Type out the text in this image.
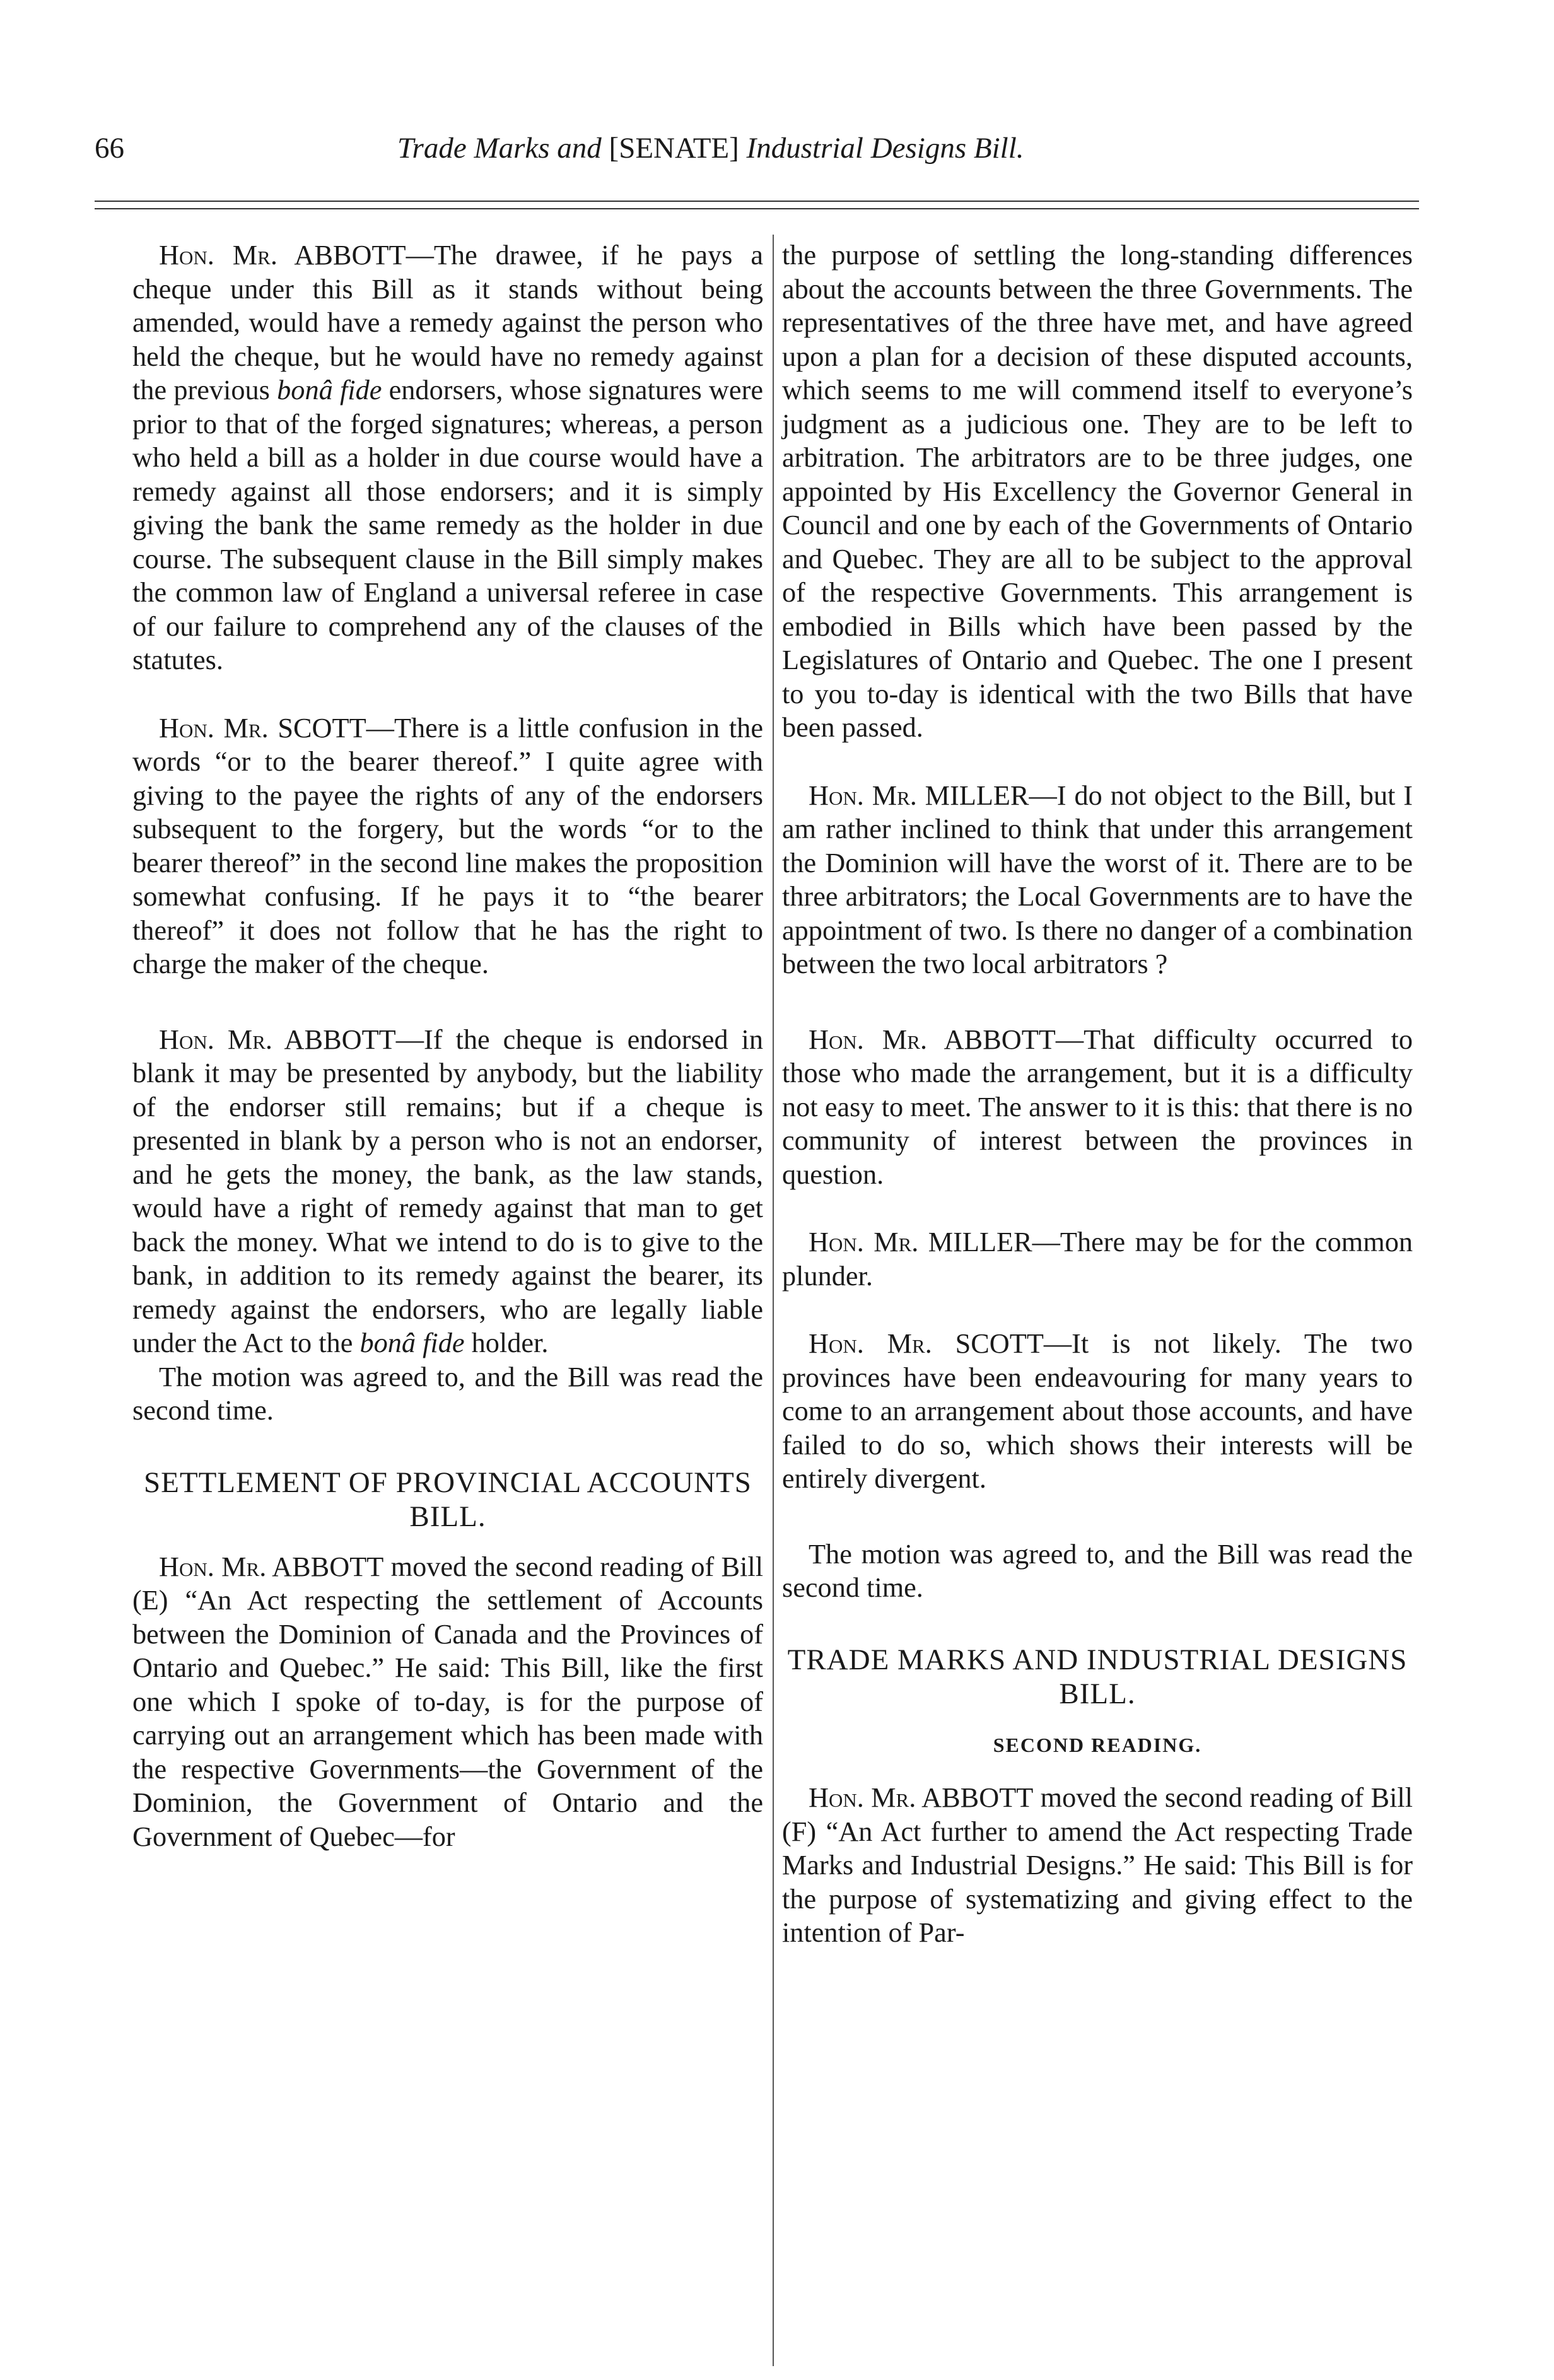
66	Trade Marks and [SENATE] Industrial Designs Bill.

Hon. Mr. ABBOTT—The drawee, if he pays a cheque under this Bill as it stands without being amended, would have a remedy against the person who held the cheque, but he would have no remedy against the previous bonâ fide endorsers, whose signatures were prior to that of the forged signatures; whereas, a person who held a bill as a holder in due course would have a remedy against all those endorsers; and it is simply giving the bank the same remedy as the holder in due course. The subsequent clause in the Bill simply makes the common law of England a universal referee in case of our failure to comprehend any of the clauses of the statutes.

Hon. Mr. SCOTT—There is a little confusion in the words “or to the bearer thereof.” I quite agree with giving to the payee the rights of any of the endorsers subsequent to the forgery, but the words “or to the bearer thereof” in the second line makes the proposition somewhat confusing. If he pays it to “the bearer thereof” it does not follow that he has the right to charge the maker of the cheque.

Hon. Mr. ABBOTT—If the cheque is endorsed in blank it may be presented by anybody, but the liability of the endorser still remains; but if a cheque is presented in blank by a person who is not an endorser, and he gets the money, the bank, as the law stands, would have a right of remedy against that man to get back the money. What we intend to do is to give to the bank, in addition to its remedy against the bearer, its remedy against the endorsers, who are legally liable under the Act to the bonâ fide holder.

The motion was agreed to, and the Bill was read the second time.

SETTLEMENT OF PROVINCIAL ACCOUNTS BILL.

Hon. Mr. ABBOTT moved the second reading of Bill (E) “An Act respecting the settlement of Accounts between the Dominion of Canada and the Provinces of Ontario and Quebec.” He said: This Bill, like the first one which I spoke of to-day, is for the purpose of carrying out an arrangement which has been made with the respective Governments—the Government of the Dominion, the Government of Ontario and the Government of Quebec—for

the purpose of settling the long-standing differences about the accounts between the three Governments. The representatives of the three have met, and have agreed upon a plan for a decision of these disputed accounts, which seems to me will commend itself to everyone’s judgment as a judicious one. They are to be left to arbitration. The arbitrators are to be three judges, one appointed by His Excellency the Governor General in Council and one by each of the Governments of Ontario and Quebec. They are all to be subject to the approval of the respective Governments. This arrangement is embodied in Bills which have been passed by the Legislatures of Ontario and Quebec. The one I present to you to-day is identical with the two Bills that have been passed.

Hon. Mr. MILLER—I do not object to the Bill, but I am rather inclined to think that under this arrangement the Dominion will have the worst of it. There are to be three arbitrators; the Local Governments are to have the appointment of two. Is there no danger of a combination between the two local arbitrators ?

Hon. Mr. ABBOTT—That difficulty occurred to those who made the arrangement, but it is a difficulty not easy to meet. The answer to it is this: that there is no community of interest between the provinces in question.

Hon. Mr. MILLER—There may be for the common plunder.

Hon. Mr. SCOTT—It is not likely. The two provinces have been endeavouring for many years to come to an arrangement about those accounts, and have failed to do so, which shows their interests will be entirely divergent.

The motion was agreed to, and the Bill was read the second time.

TRADE MARKS AND INDUSTRIAL DESIGNS BILL.
SECOND READING.

Hon. Mr. ABBOTT moved the second reading of Bill (F) “An Act further to amend the Act respecting Trade Marks and Industrial Designs.” He said: This Bill is for the purpose of systematizing and giving effect to the intention of Par-
